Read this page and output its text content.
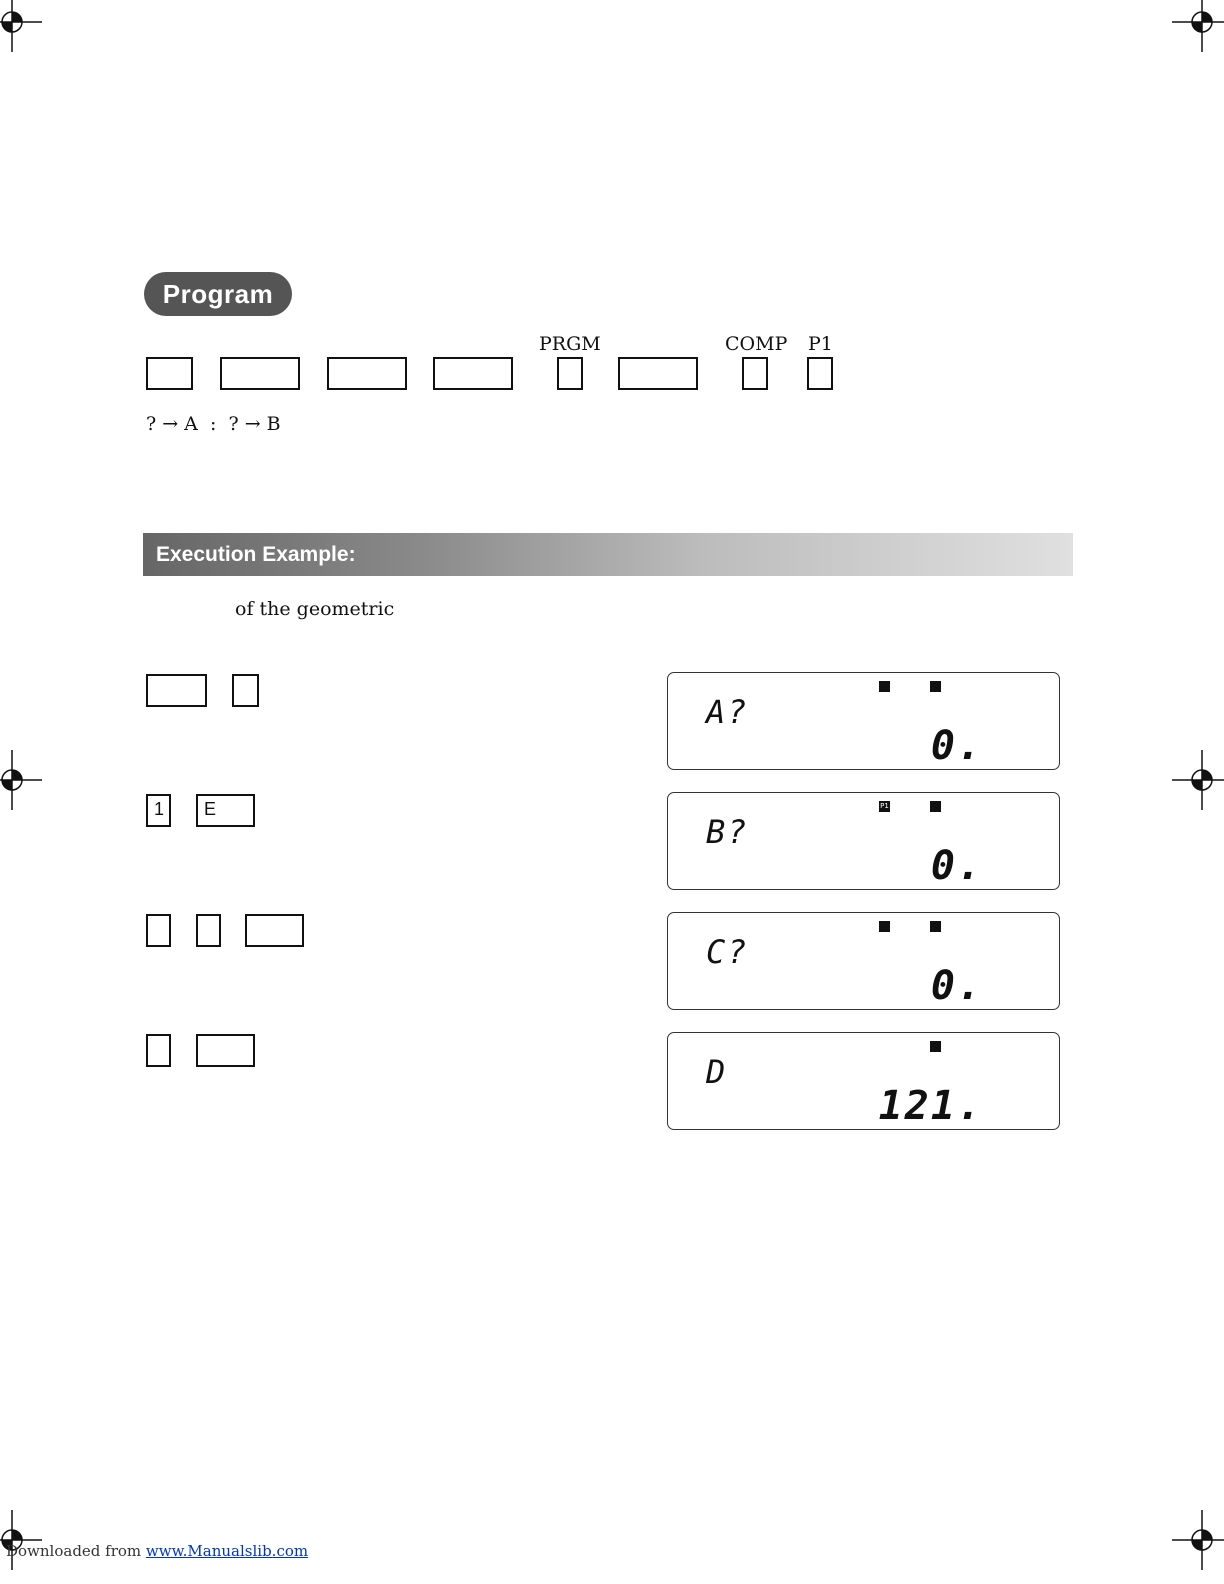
Program
PRGM	COMP P1
? → A  :  ? → B
Execution Example:
of the geometric
1	E
A?
0.
P1
B?
0.
C?
0.
D
121.
Downloaded from www.Manualslib.com
